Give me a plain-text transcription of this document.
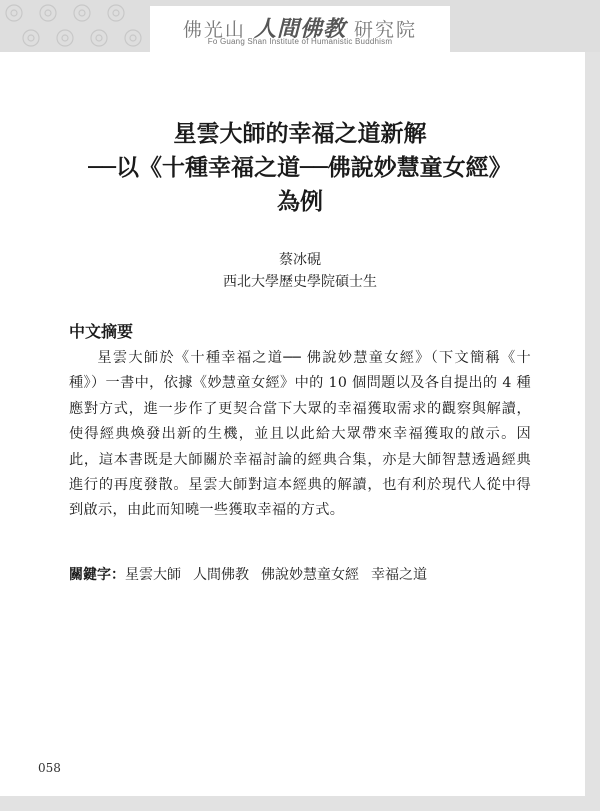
佛光山 人間佛教 研究院
Fo Guang Shan Institute of Humanistic Buddhism
星雲大師的幸福之道新解
──以《十種幸福之道──佛說妙慧童女經》
為例
蔡冰硯
西北大學歷史學院碩士生
中文摘要
星雲大師於《十種幸福之道── 佛說妙慧童女經》（下文簡稱《十種》）一書中，依據《妙慧童女經》中的 10 個問題以及各自提出的 4 種應對方式，進一步作了更契合當下大眾的幸福獲取需求的觀察與解讀，使得經典煥發出新的生機，並且以此給大眾帶來幸福獲取的啟示。因此，這本書既是大師關於幸福討論的經典合集，亦是大師智慧透過經典進行的再度發散。星雲大師對這本經典的解讀，也有利於現代人從中得到啟示，由此而知曉一些獲取幸福的方式。
關鍵字：星雲大師 人間佛教 佛說妙慧童女經 幸福之道
058
